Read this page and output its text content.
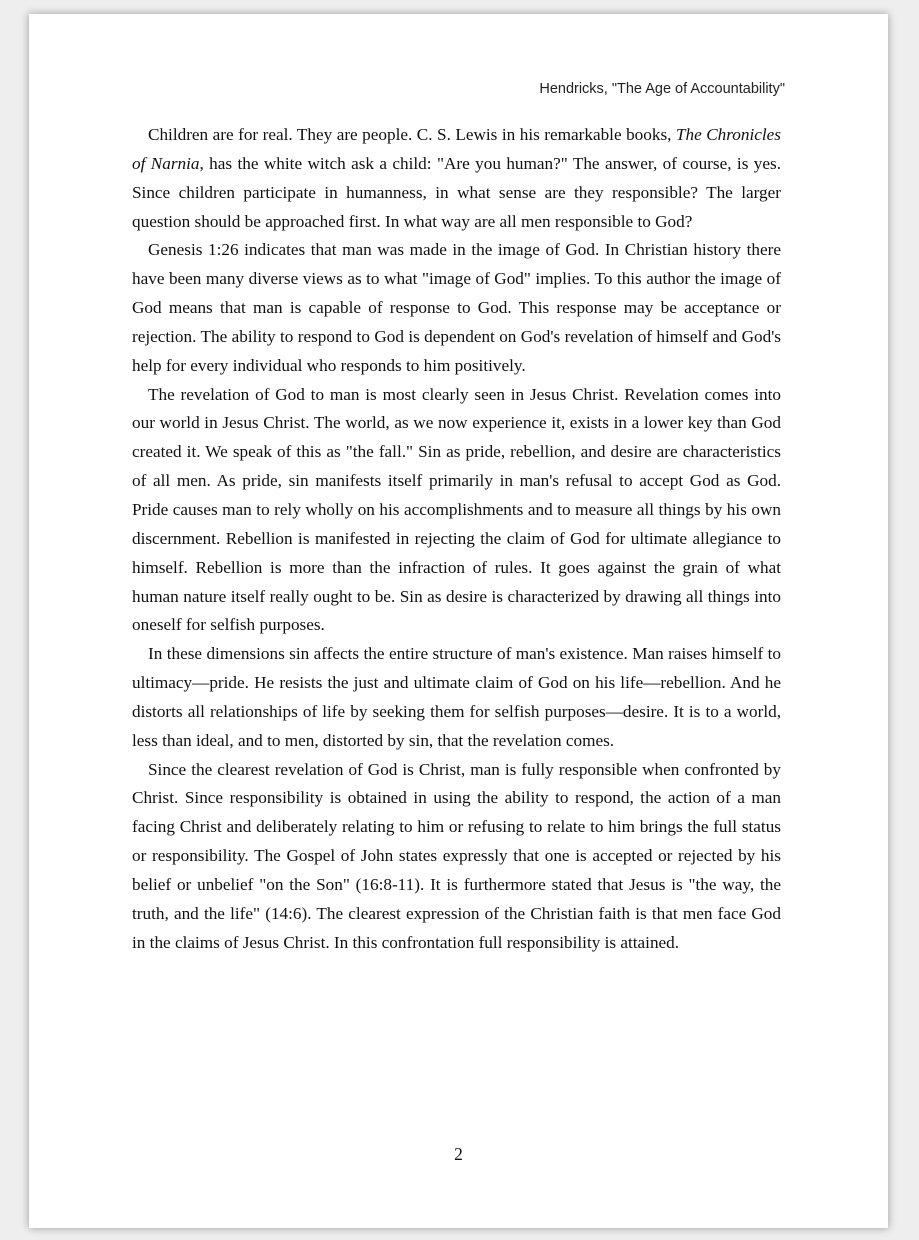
Hendricks, "The Age of Accountability"

Children are for real. They are people. C. S. Lewis in his remarkable books, The Chronicles of Narnia, has the white witch ask a child: "Are you human?" The answer, of course, is yes. Since children participate in humanness, in what sense are they responsible? The larger question should be approached first. In what way are all men responsible to God?

Genesis 1:26 indicates that man was made in the image of God. In Christian history there have been many diverse views as to what "image of God" implies. To this author the image of God means that man is capable of response to God. This response may be acceptance or rejection. The ability to respond to God is dependent on God's revelation of himself and God's help for every individual who responds to him positively.

The revelation of God to man is most clearly seen in Jesus Christ. Revelation comes into our world in Jesus Christ. The world, as we now experience it, exists in a lower key than God created it. We speak of this as "the fall." Sin as pride, rebellion, and desire are characteristics of all men. As pride, sin manifests itself primarily in man's refusal to accept God as God. Pride causes man to rely wholly on his accomplishments and to measure all things by his own discernment. Rebellion is manifested in rejecting the claim of God for ultimate allegiance to himself. Rebellion is more than the infraction of rules. It goes against the grain of what human nature itself really ought to be. Sin as desire is characterized by drawing all things into oneself for selfish purposes.

In these dimensions sin affects the entire structure of man's existence. Man raises himself to ultimacy—pride. He resists the just and ultimate claim of God on his life—rebellion. And he distorts all relationships of life by seeking them for selfish purposes—desire. It is to a world, less than ideal, and to men, distorted by sin, that the revelation comes.

Since the clearest revelation of God is Christ, man is fully responsible when confronted by Christ. Since responsibility is obtained in using the ability to respond, the action of a man facing Christ and deliberately relating to him or refusing to relate to him brings the full status or responsibility. The Gospel of John states expressly that one is accepted or rejected by his belief or unbelief "on the Son" (16:8-11). It is furthermore stated that Jesus is "the way, the truth, and the life" (14:6). The clearest expression of the Christian faith is that men face God in the claims of Jesus Christ. In this confrontation full responsibility is attained.

2
